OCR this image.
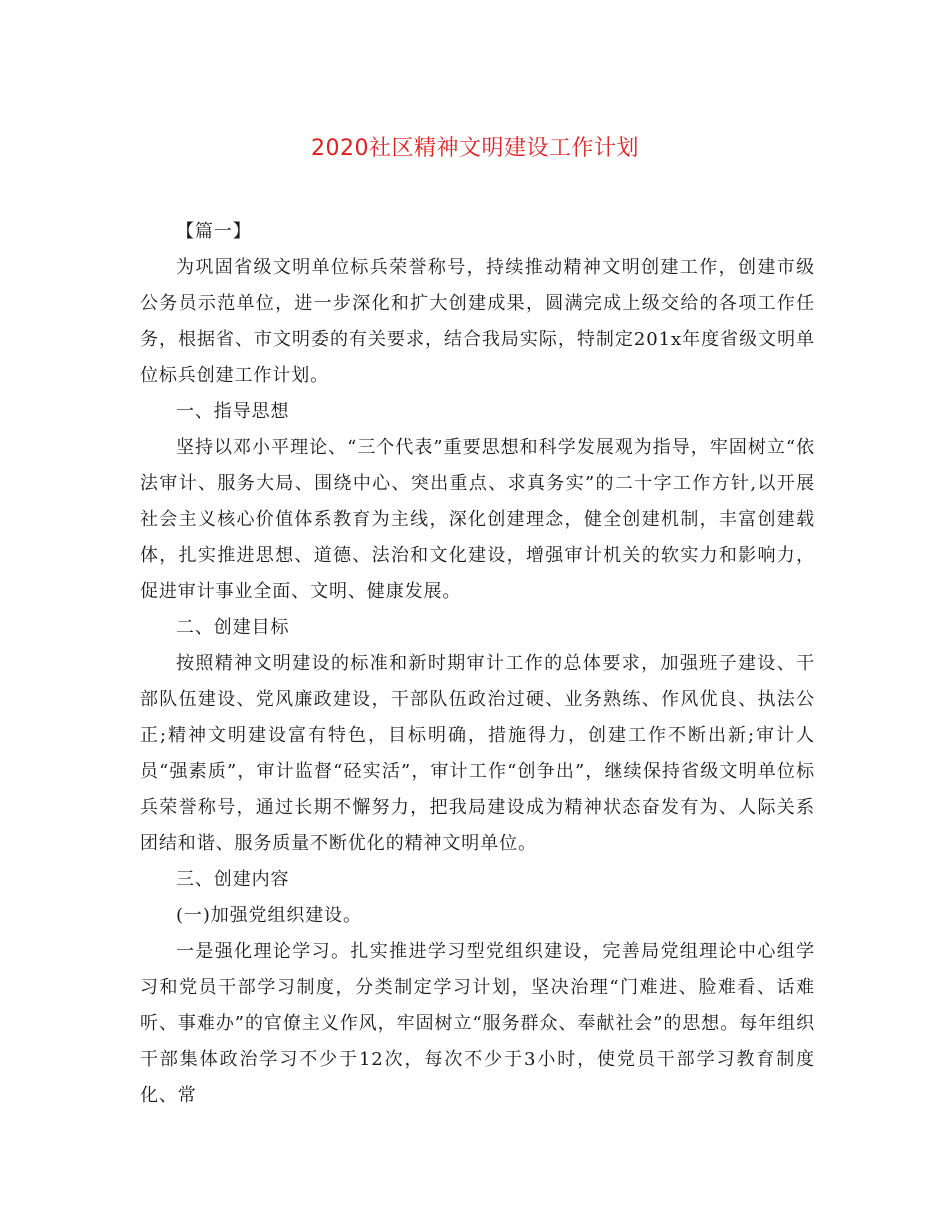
2020社区精神文明建设工作计划

【篇一】

为巩固省级文明单位标兵荣誉称号，持续推动精神文明创建工作，创建市级公务员示范单位，进一步深化和扩大创建成果，圆满完成上级交给的各项工作任务，根据省、市文明委的有关要求，结合我局实际，特制定201x年度省级文明单位标兵创建工作计划。

一、指导思想

坚持以邓小平理论、“三个代表”重要思想和科学发展观为指导，牢固树立“依法审计、服务大局、围绕中心、突出重点、求真务实”的二十字工作方针,以开展社会主义核心价值体系教育为主线，深化创建理念，健全创建机制，丰富创建载体，扎实推进思想、道德、法治和文化建设，增强审计机关的软实力和影响力，促进审计事业全面、文明、健康发展。

二、创建目标

按照精神文明建设的标准和新时期审计工作的总体要求，加强班子建设、干部队伍建设、党风廉政建设，干部队伍政治过硬、业务熟练、作风优良、执法公正;精神文明建设富有特色，目标明确，措施得力，创建工作不断出新;审计人员“强素质”，审计监督“硁实活”，审计工作“创争出”，继续保持省级文明单位标兵荣誉称号，通过长期不懈努力，把我局建设成为精神状态奋发有为、人际关系团结和谐、服务质量不断优化的精神文明单位。

三、创建内容

(一)加强党组织建设。

一是强化理论学习。扎实推进学习型党组织建设，完善局党组理论中心组学习和党员干部学习制度，分类制定学习计划，坚决治理“门难进、脸难看、话难听、事难办”的官僚主义作风，牢固树立“服务群众、奉献社会”的思想。每年组织干部集体政治学习不少于12次，每次不少于3小时，使党员干部学习教育制度化、常
